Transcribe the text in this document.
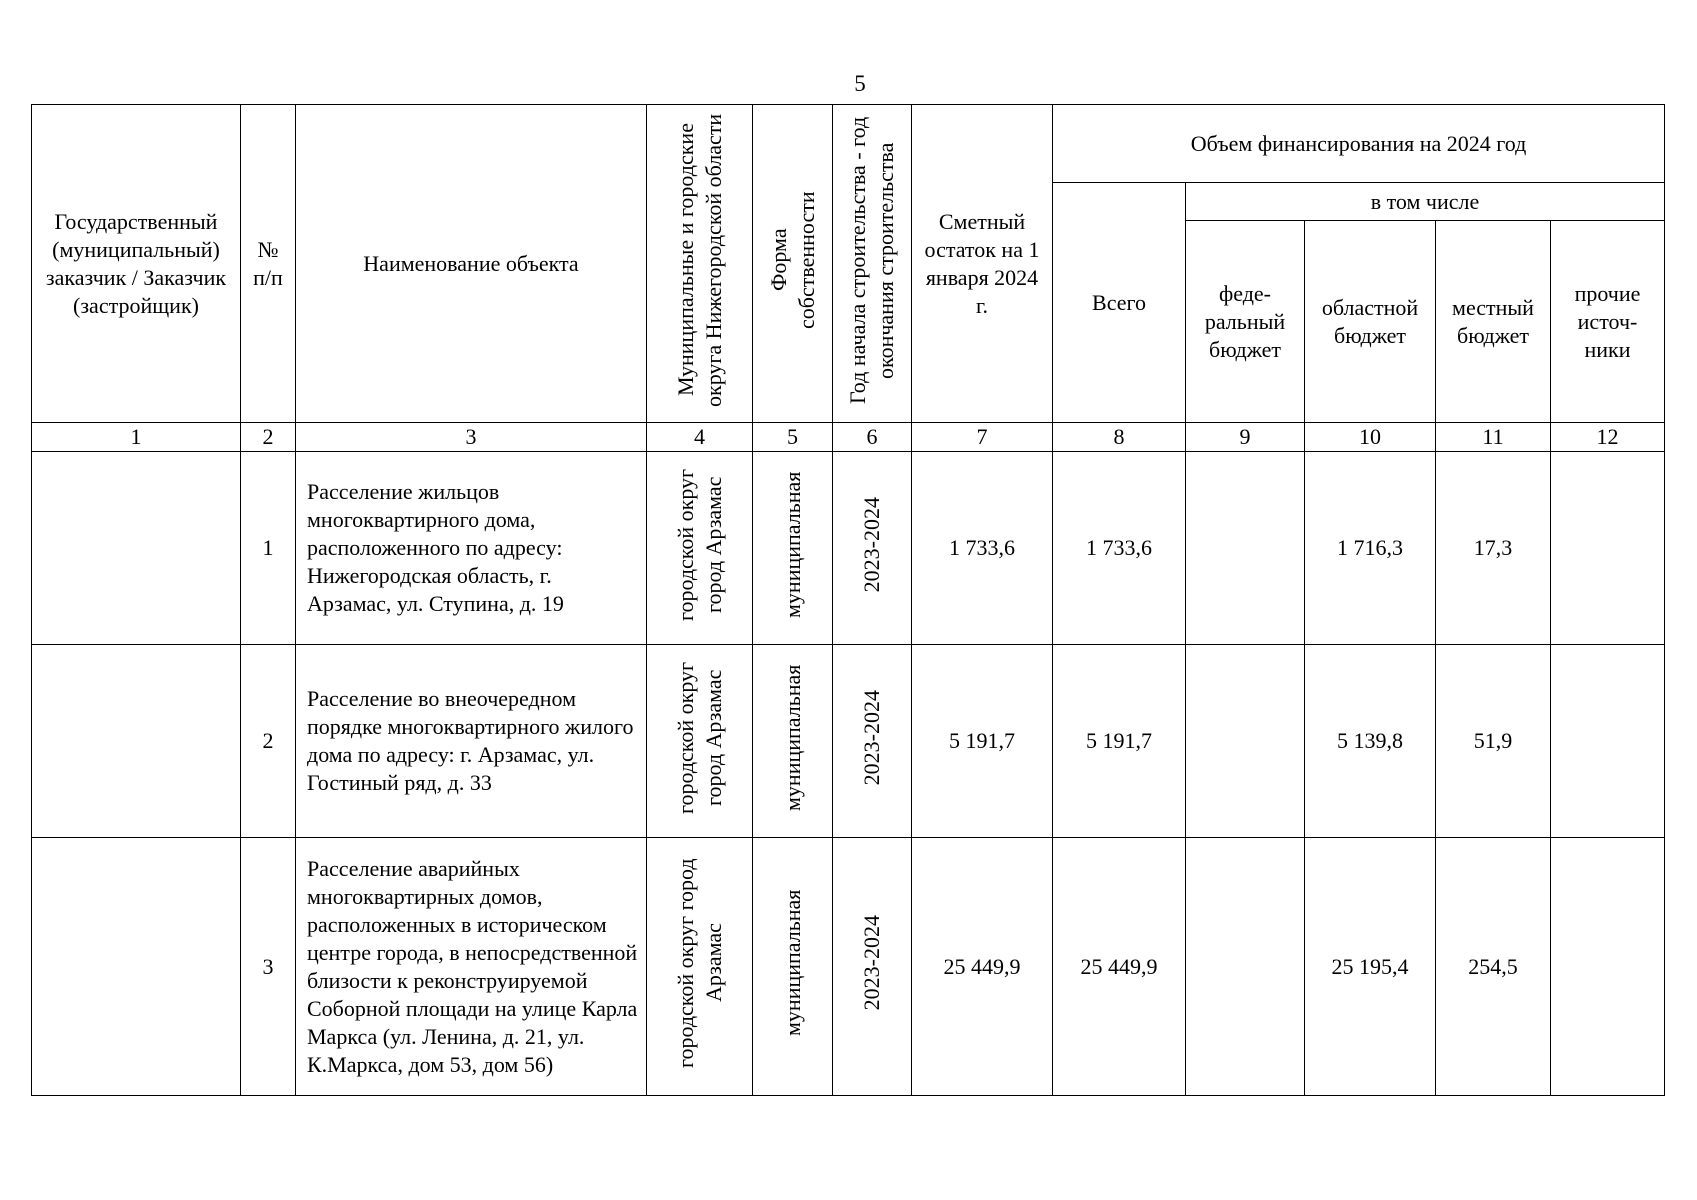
5
Государственный (муниципальный) заказчик / Заказчик (застройщик)	№ п/п	Наименование объекта	Муниципальные и городские округа Нижегородской области	Форма собственности	Год начала строительства - год окончания строительства	Сметный остаток на 1 января 2024 г.	Объем финансирования на 2024 год				
							Всего	в том числе			
								феде-ральный бюджет	областной бюджет	местный бюджет	прочие источ-ники
1	2	3	4	5	6	7	8	9	10	11	12
	1	Расселение жильцов многоквартирного дома, расположенного по адресу: Нижегородская область, г. Арзамас, ул. Ступина, д. 19	городской округ город Арзамас	муниципальная	2023-2024	1 733,6	1 733,6		1 716,3	17,3	
	2	Расселение во внеочередном порядке многоквартирного жилого дома по адресу: г. Арзамас, ул. Гостиный ряд, д. 33	городской округ город Арзамас	муниципальная	2023-2024	5 191,7	5 191,7		5 139,8	51,9	
	3	Расселение аварийных многоквартирных домов, расположенных в историческом центре города, в непосредственной близости к реконструируемой Соборной площади на улице Карла Маркса (ул. Ленина, д. 21, ул. К.Маркса, дом 53, дом 56)	городской округ город Арзамас	муниципальная	2023-2024	25 449,9	25 449,9		25 195,4	254,5	
